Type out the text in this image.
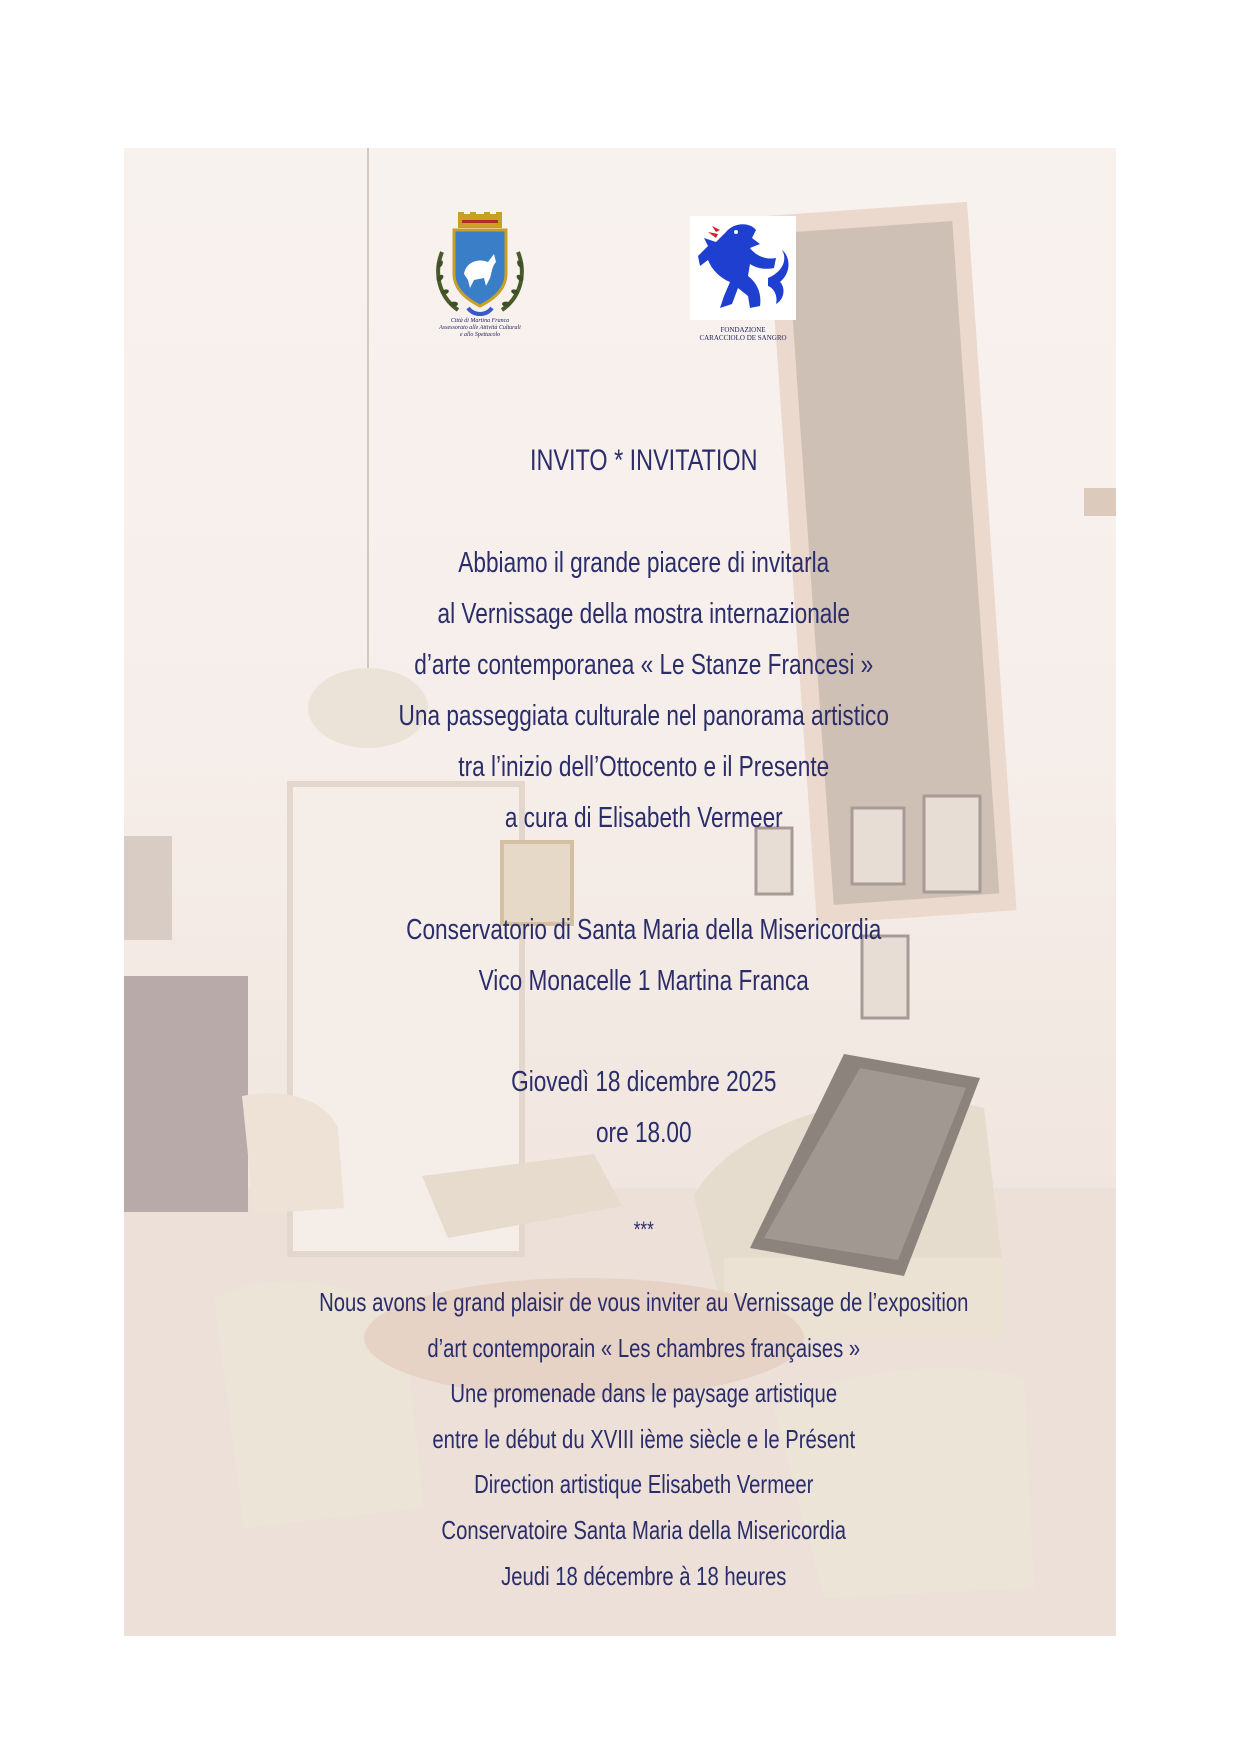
Città di Martina Franca
Assessorato alle Attività Culturali
e allo Spettacolo
FONDAZIONE
CARACCIOLO DE SANGRO
INVITO * INVITATION
Abbiamo il grande piacere di invitarla
al Vernissage della mostra internazionale
d’arte contemporanea « Le Stanze Francesi »
Una passeggiata culturale nel panorama artistico
tra l’inizio dell’Ottocento e il Presente
a cura di Elisabeth Vermeer
Conservatorio di Santa Maria della Misericordia
Vico Monacelle 1 Martina Franca
Giovedì 18 dicembre 2025
ore 18.00
***
Nous avons le grand plaisir de vous inviter au Vernissage de l’exposition
d’art contemporain « Les chambres françaises »
Une promenade dans le paysage artistique
entre le début du XVIII ième siècle e le Présent
Direction artistique Elisabeth Vermeer
Conservatoire Santa Maria della Misericordia
Jeudi 18 décembre à 18 heures
